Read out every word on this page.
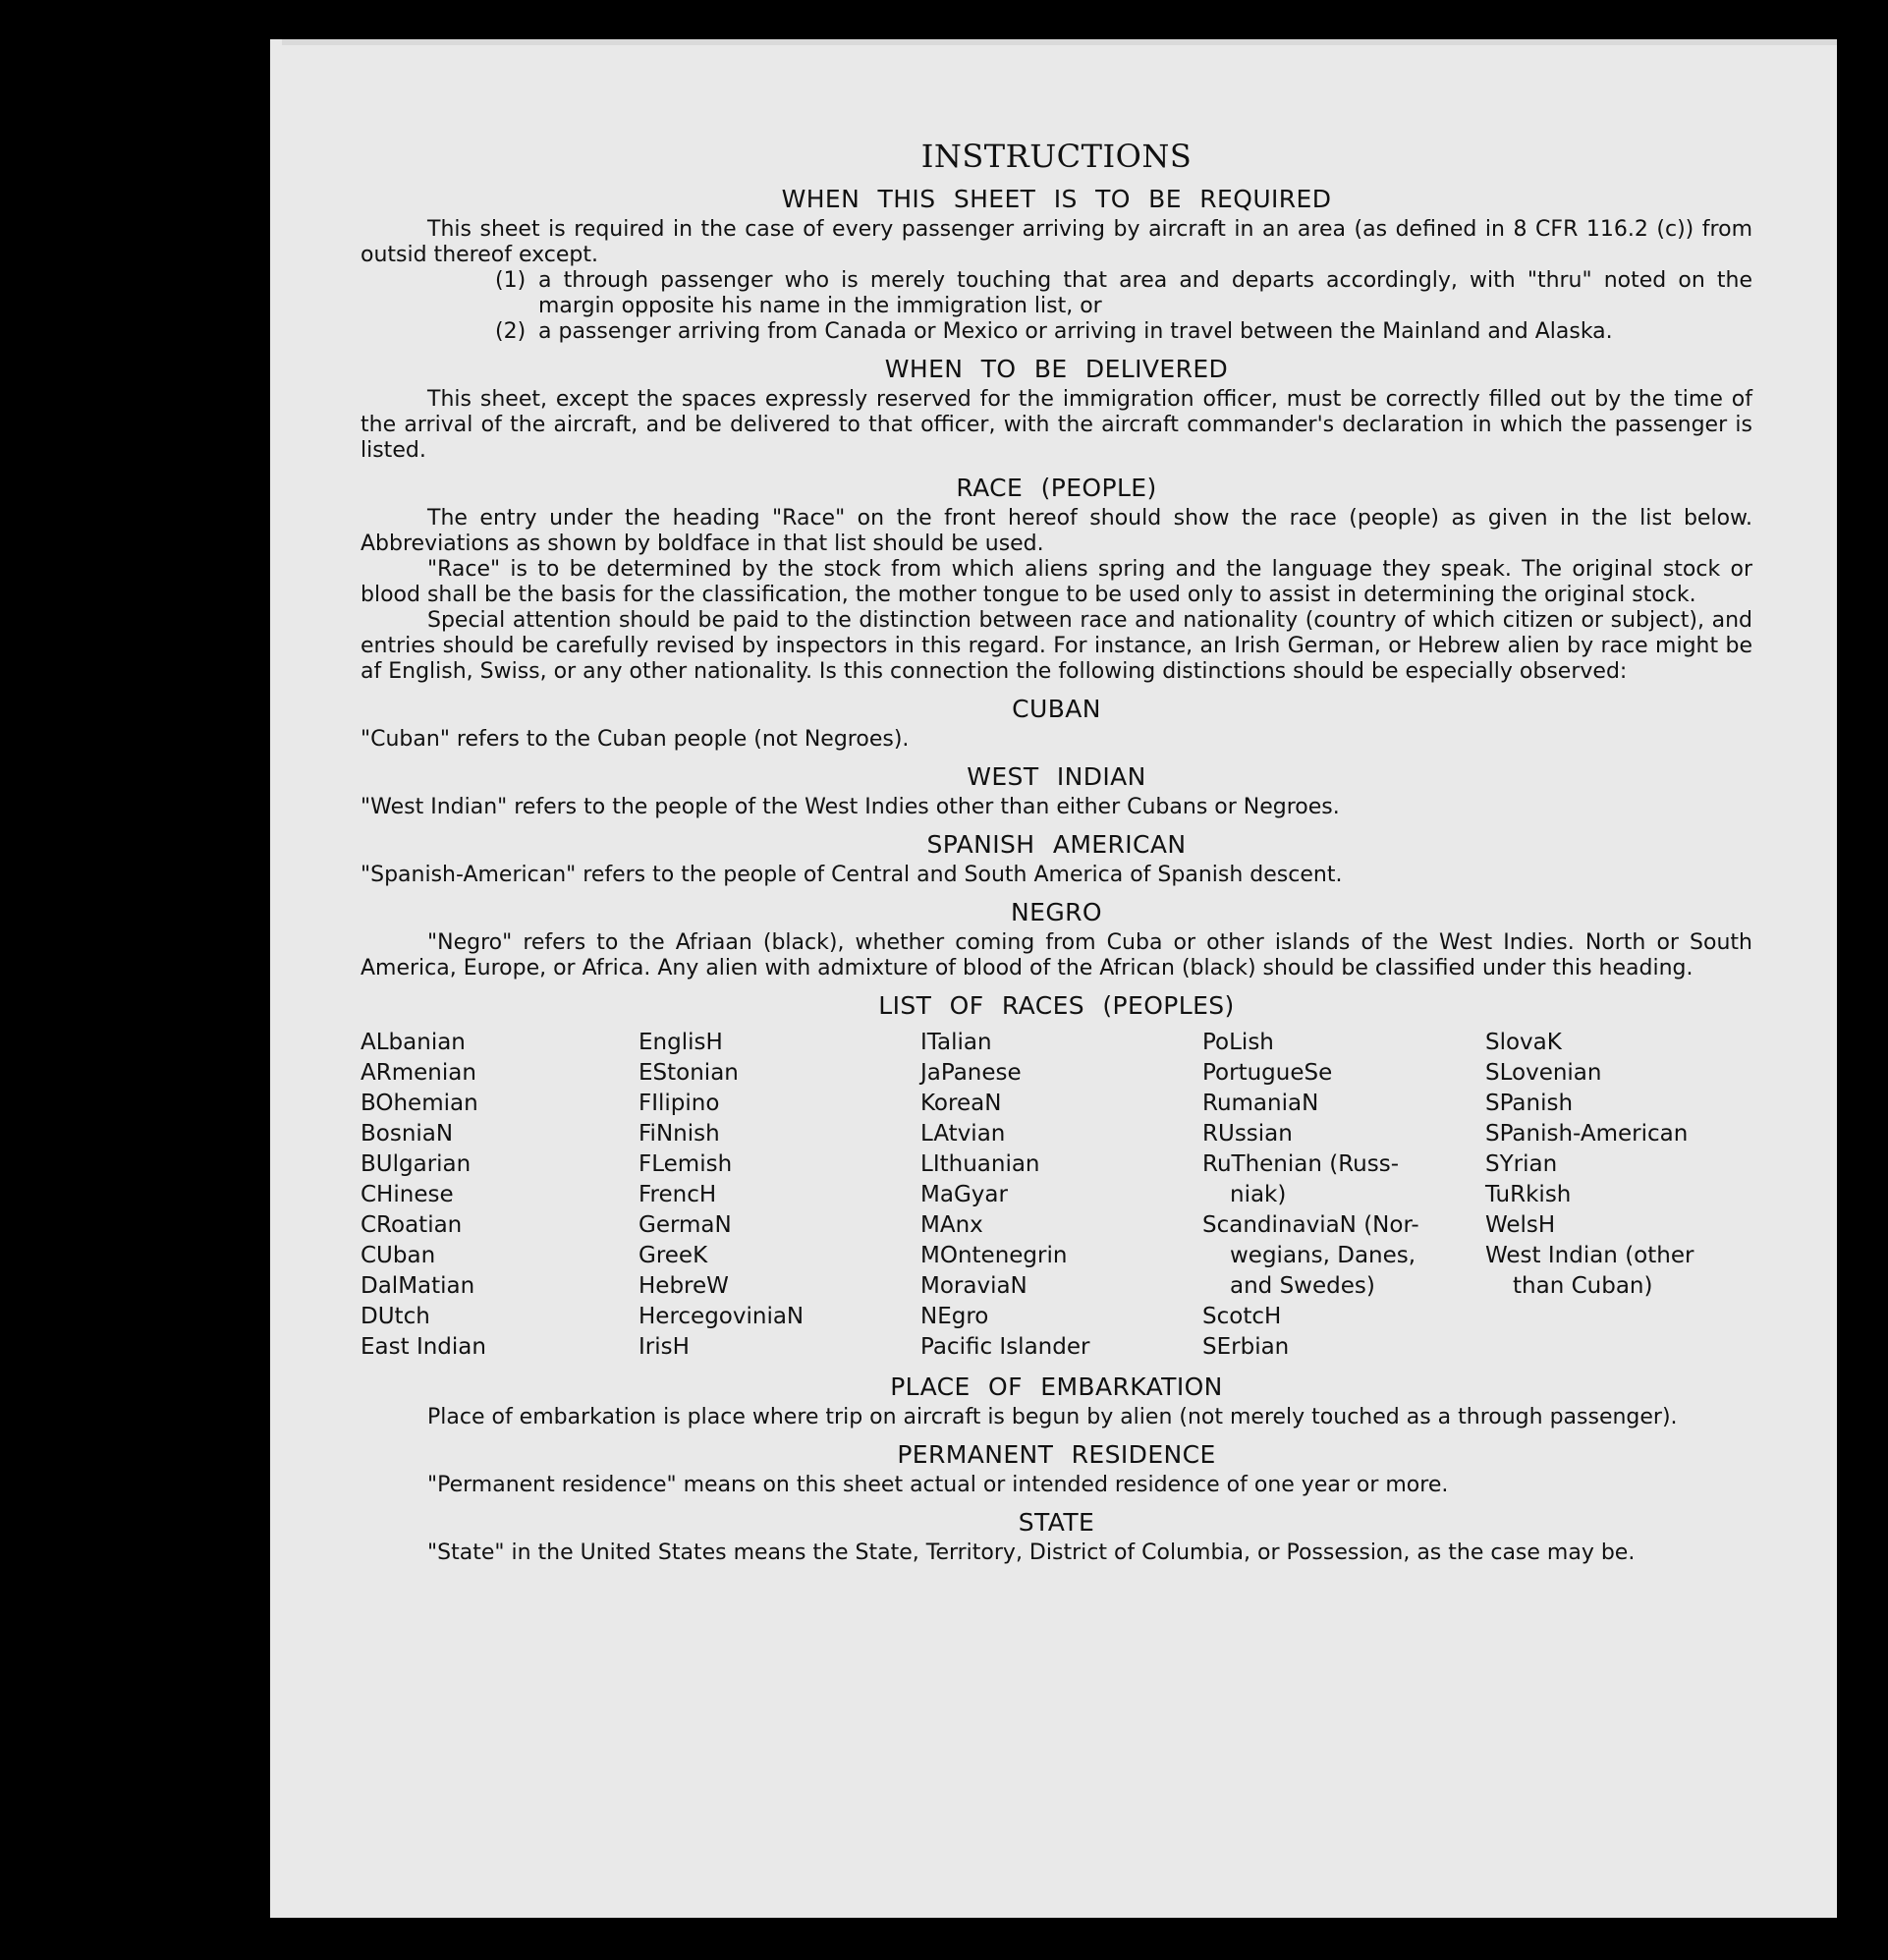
INSTRUCTIONS
WHEN THIS SHEET IS TO BE REQUIRED

This sheet is required in the case of every passenger arriving by aircraft in an area (as defined in 8 CFR 116.2 (c)) from outsid thereof except.

(1) a through passenger who is merely touching that area and departs accordingly, with "thru" noted on the margin opposite his name in the immigration list, or
(2) a passenger arriving from Canada or Mexico or arriving in travel between the Mainland and Alaska.
WHEN TO BE DELIVERED

This sheet, except the spaces expressly reserved for the immigration officer, must be correctly filled out by the time of the arrival of the aircraft, and be delivered to that officer, with the aircraft commander's declaration in which the passenger is listed.

RACE (PEOPLE)

The entry under the heading "Race" on the front hereof should show the race (people) as given in the list below. Abbreviations as shown by boldface in that list should be used.

"Race" is to be determined by the stock from which aliens spring and the language they speak. The original stock or blood shall be the basis for the classification, the mother tongue to be used only to assist in determining the original stock.

Special attention should be paid to the distinction between race and nationality (country of which citizen or subject), and entries should be carefully revised by inspectors in this regard. For instance, an Irish German, or Hebrew alien by race might be af English, Swiss, or any other nationality. Is this connection the following distinctions should be especially observed:

CUBAN

"Cuban" refers to the Cuban people (not Negroes).

WEST INDIAN

"West Indian" refers to the people of the West Indies other than either Cubans or Negroes.

SPANISH AMERICAN

"Spanish-American" refers to the people of Central and South America of Spanish descent.

NEGRO

"Negro" refers to the Afriaan (black), whether coming from Cuba or other islands of the West Indies. North or South America, Europe, or Africa. Any alien with admixture of blood of the African (black) should be classified under this heading.

LIST OF RACES (PEOPLES)
ALbanian
ARmenian
BOhemian
BosniaN
BUlgarian
CHinese
CRoatian
CUban
DalMatian
DUtch
East Indian
EnglisH
EStonian
FIlipino
FiNnish
FLemish
FrencH
GermaN
GreeK
HebreW
HercegoviniaN
IrisH
ITalian
JaPanese
KoreaN
LAtvian
LIthuanian
MaGyar
MAnx
MOntenegrin
MoraviaN
NEgro
Pacific Islander
PoLish
PortugueSe
RumaniaN
RUssian
RuThenian (Russ-
niak)
ScandinaviaN (Nor-
wegians, Danes,
and Swedes)
ScotcH
SErbian
SlovaK
SLovenian
SPanish
SPanish-American
SYrian
TuRkish
WelsH
West Indian (other
than Cuban)
PLACE OF EMBARKATION

Place of embarkation is place where trip on aircraft is begun by alien (not merely touched as a through passenger).

PERMANENT RESIDENCE

"Permanent residence" means on this sheet actual or intended residence of one year or more.

STATE

"State" in the United States means the State, Territory, District of Columbia, or Possession, as the case may be.
